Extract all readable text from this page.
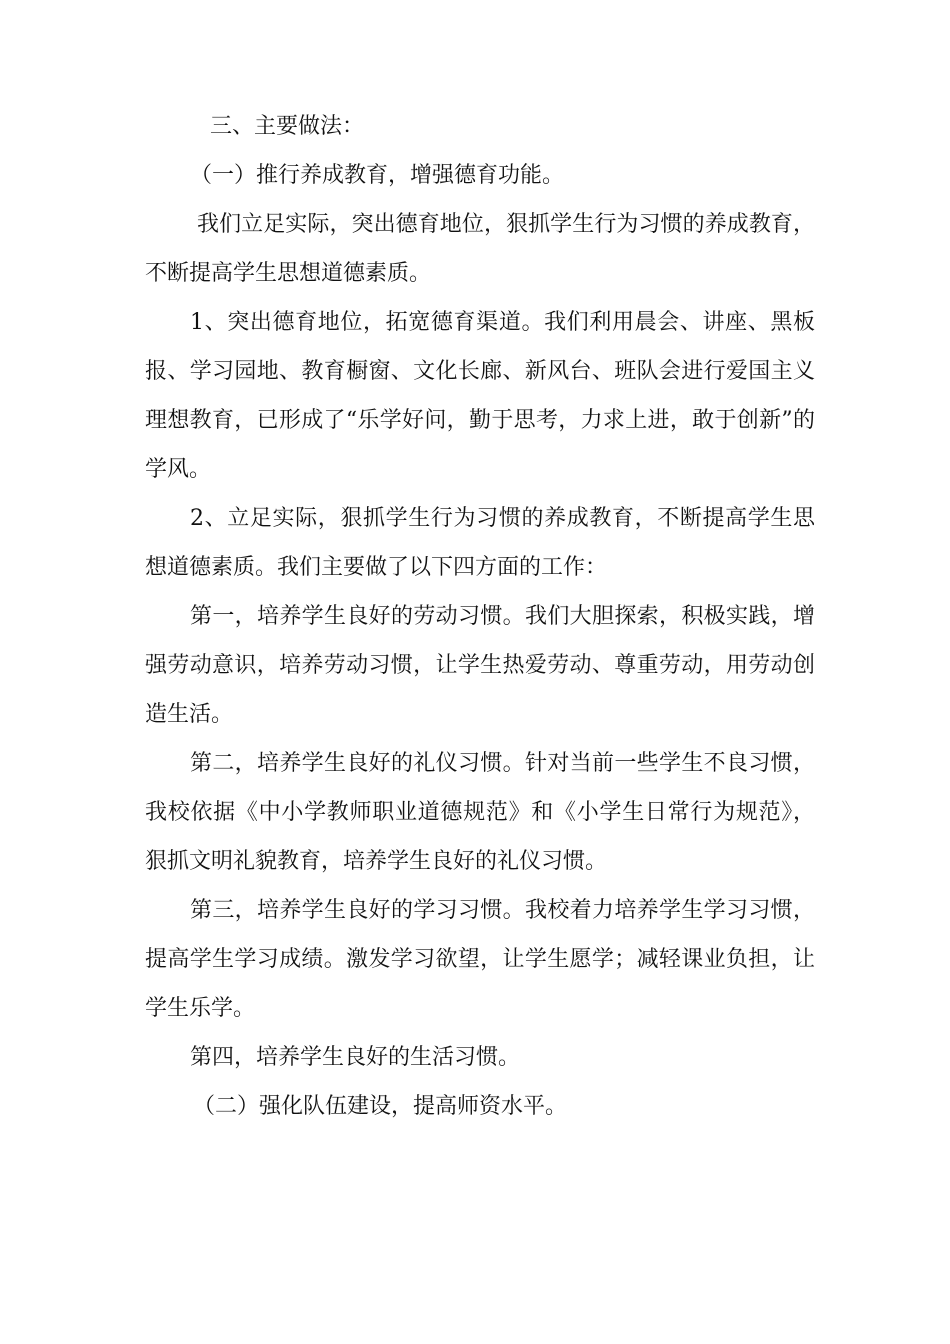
三、主要做法：

（一）推行养成教育，增强德育功能。

我们立足实际，突出德育地位，狠抓学生行为习惯的养成教育，不断提高学生思想道德素质。

1、突出德育地位，拓宽德育渠道。我们利用晨会、讲座、黑板报、学习园地、教育橱窗、文化长廊、新风台、班队会进行爱国主义理想教育，已形成了“乐学好问，勤于思考，力求上进，敢于创新”的学风。

2、立足实际，狠抓学生行为习惯的养成教育，不断提高学生思想道德素质。我们主要做了以下四方面的工作：

第一，培养学生良好的劳动习惯。我们大胆探索，积极实践，增强劳动意识，培养劳动习惯，让学生热爱劳动、尊重劳动，用劳动创造生活。

第二，培养学生良好的礼仪习惯。针对当前一些学生不良习惯，我校依据《中小学教师职业道德规范》和《小学生日常行为规范》，狠抓文明礼貌教育，培养学生良好的礼仪习惯。

第三，培养学生良好的学习习惯。我校着力培养学生学习习惯，提高学生学习成绩。激发学习欲望，让学生愿学；减轻课业负担，让学生乐学。

第四，培养学生良好的生活习惯。

（二）强化队伍建设，提高师资水平。
